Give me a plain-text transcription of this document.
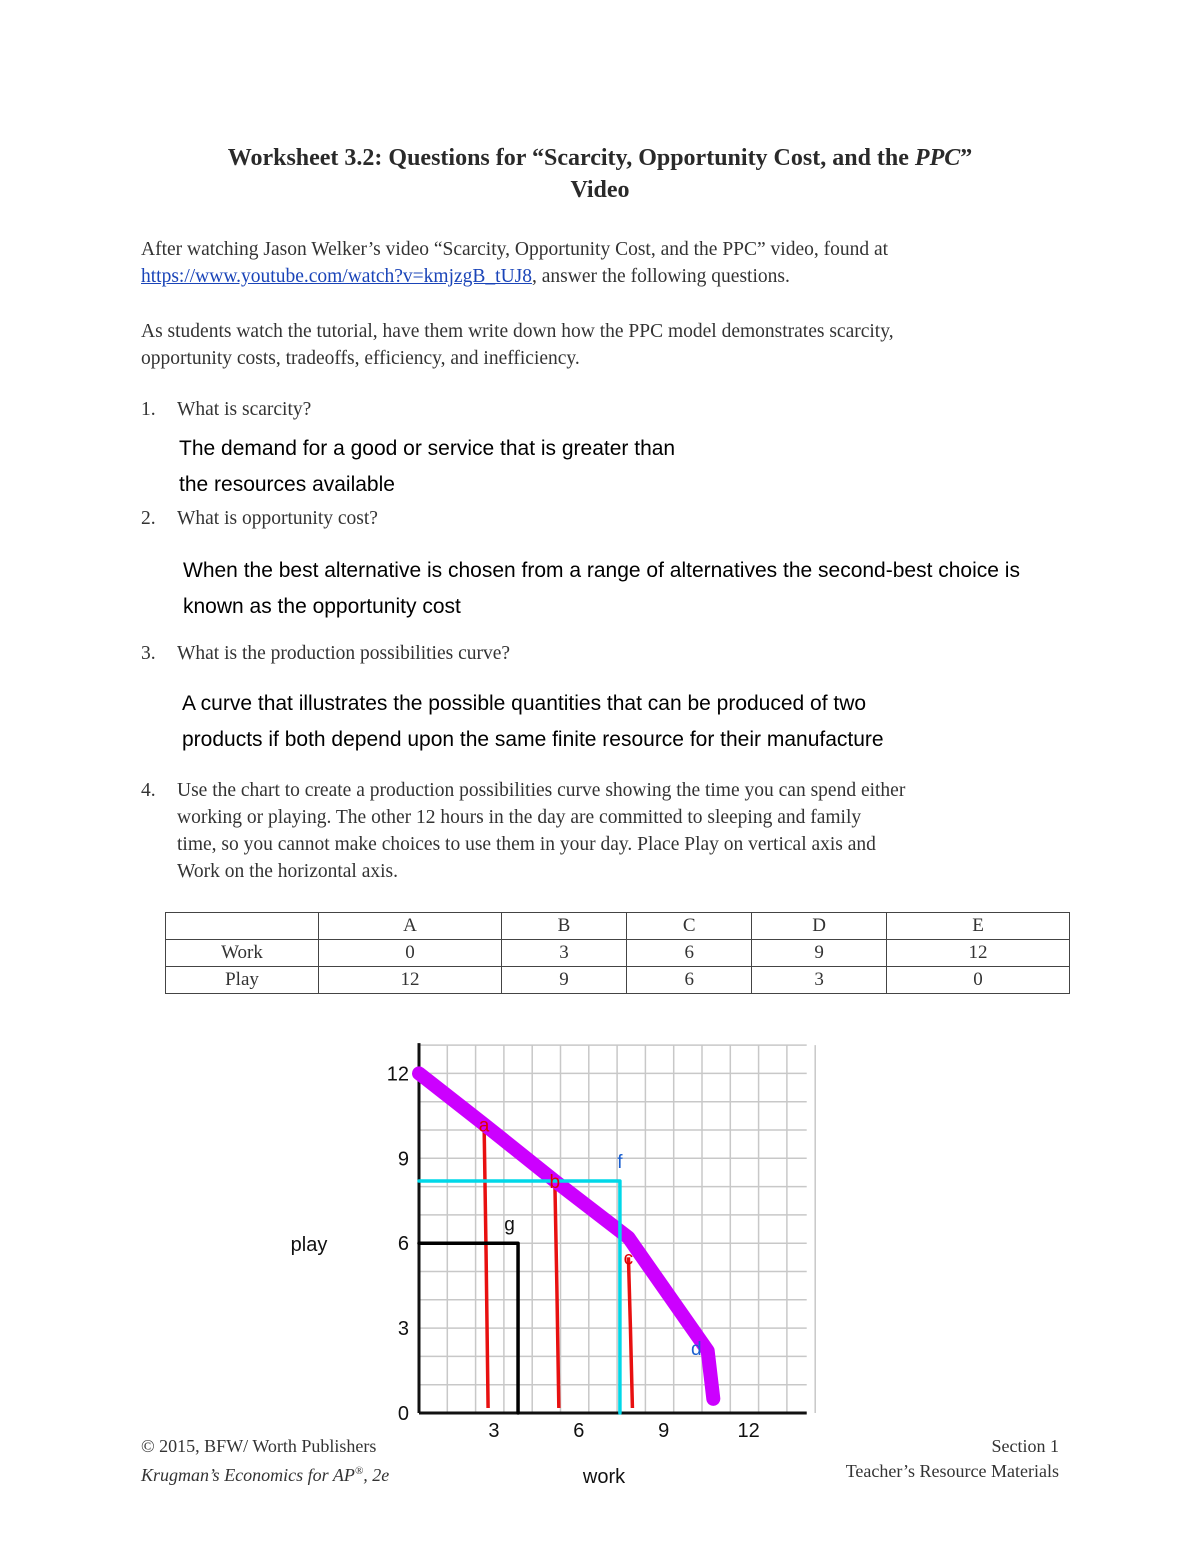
Worksheet 3.2: Questions for “Scarcity, Opportunity Cost, and the PPC”
Video
After watching Jason Welker’s video “Scarcity, Opportunity Cost, and the PPC” video, found at
https://www.youtube.com/watch?v=kmjzgB_tUJ8, answer the following questions.
As students watch the tutorial, have them write down how the PPC model demonstrates scarcity,
opportunity costs, tradeoffs, efficiency, and inefficiency.
1. What is scarcity?
The demand for a good or service that is greater than
the resources available
2. What is opportunity cost?
When the best alternative is chosen from a range of alternatives the second-best choice is
known as the opportunity cost
3. What is the production possibilities curve?
A curve that illustrates the possible quantities that can be produced of two
products if both depend upon the same finite resource for their manufacture
4. Use the chart to create a production possibilities curve showing the time you can spend either
working or playing. The other 12 hours in the day are committed to sleeping and family
time, so you cannot make choices to use them in your day. Place Play on vertical axis and
Work on the horizontal axis.
	A	B	C	D	E
Work	0	3	6	9	12
Play	12	9	6	3	0
0
3
6
9
12
3	6	9	12
play
work
a
b
c
d
f
g
© 2015, BFW/ Worth Publishers
Krugman’s Economics for AP®, 2e
Section 1
Teacher’s Resource Materials
